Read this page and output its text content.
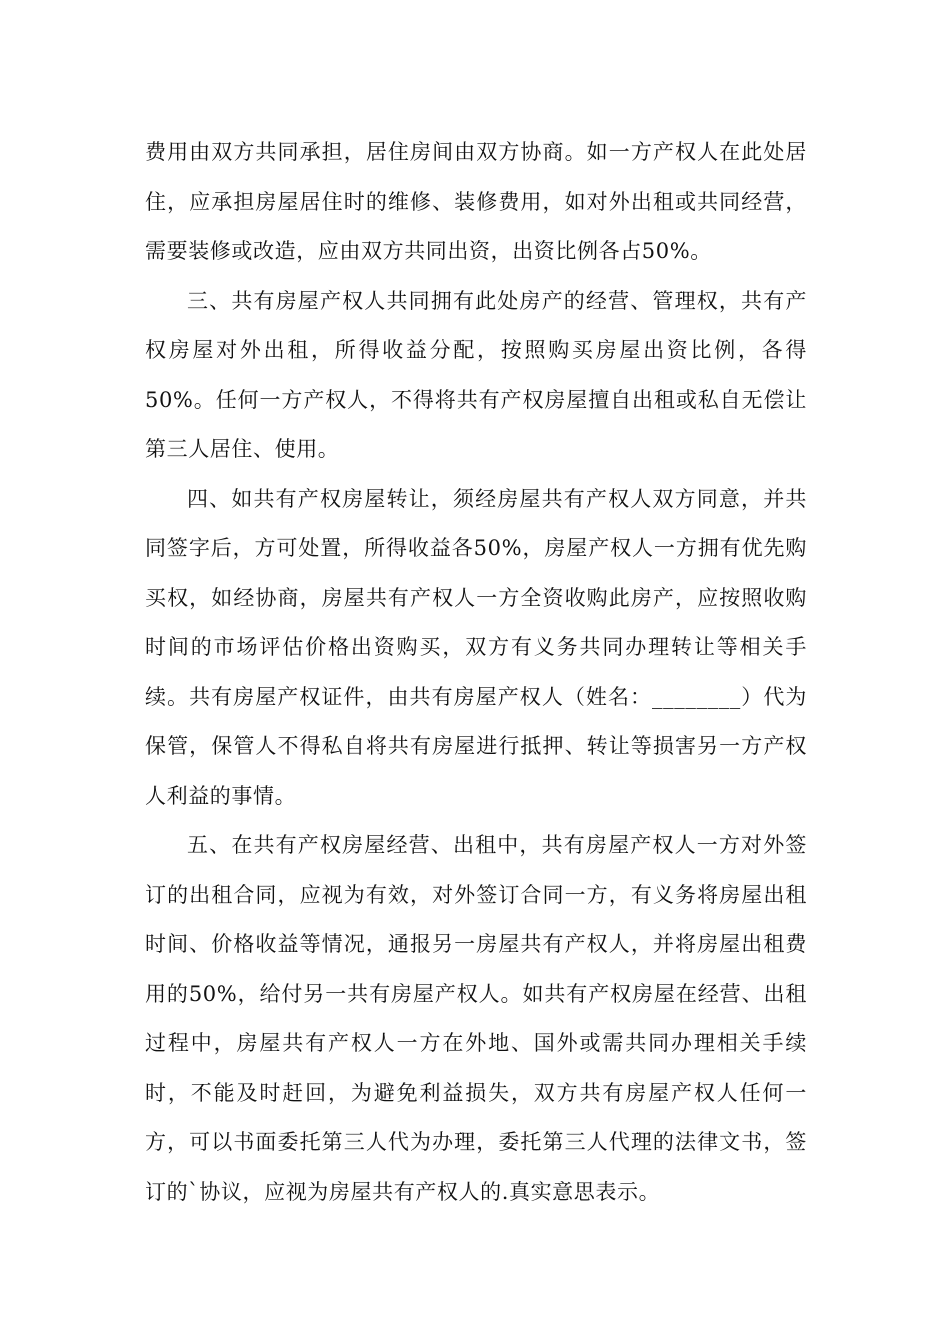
费用由双方共同承担，居住房间由双方协商。如一方产权人在此处居住，应承担房屋居住时的维修、装修费用，如对外出租或共同经营，需要装修或改造，应由双方共同出资，出资比例各占50%。

三、共有房屋产权人共同拥有此处房产的经营、管理权，共有产权房屋对外出租，所得收益分配，按照购买房屋出资比例，各得50%。任何一方产权人，不得将共有产权房屋擅自出租或私自无偿让第三人居住、使用。

四、如共有产权房屋转让，须经房屋共有产权人双方同意，并共同签字后，方可处置，所得收益各50%，房屋产权人一方拥有优先购买权，如经协商，房屋共有产权人一方全资收购此房产，应按照收购时间的市场评估价格出资购买，双方有义务共同办理转让等相关手续。共有房屋产权证件，由共有房屋产权人（姓名：________）代为保管，保管人不得私自将共有房屋进行抵押、转让等损害另一方产权人利益的事情。

五、在共有产权房屋经营、出租中，共有房屋产权人一方对外签订的出租合同，应视为有效，对外签订合同一方，有义务将房屋出租时间、价格收益等情况，通报另一房屋共有产权人，并将房屋出租费用的50%，给付另一共有房屋产权人。如共有产权房屋在经营、出租过程中，房屋共有产权人一方在外地、国外或需共同办理相关手续时，不能及时赶回，为避免利益损失，双方共有房屋产权人任何一方，可以书面委托第三人代为办理，委托第三人代理的法律文书，签订的`协议，应视为房屋共有产权人的.真实意思表示。
